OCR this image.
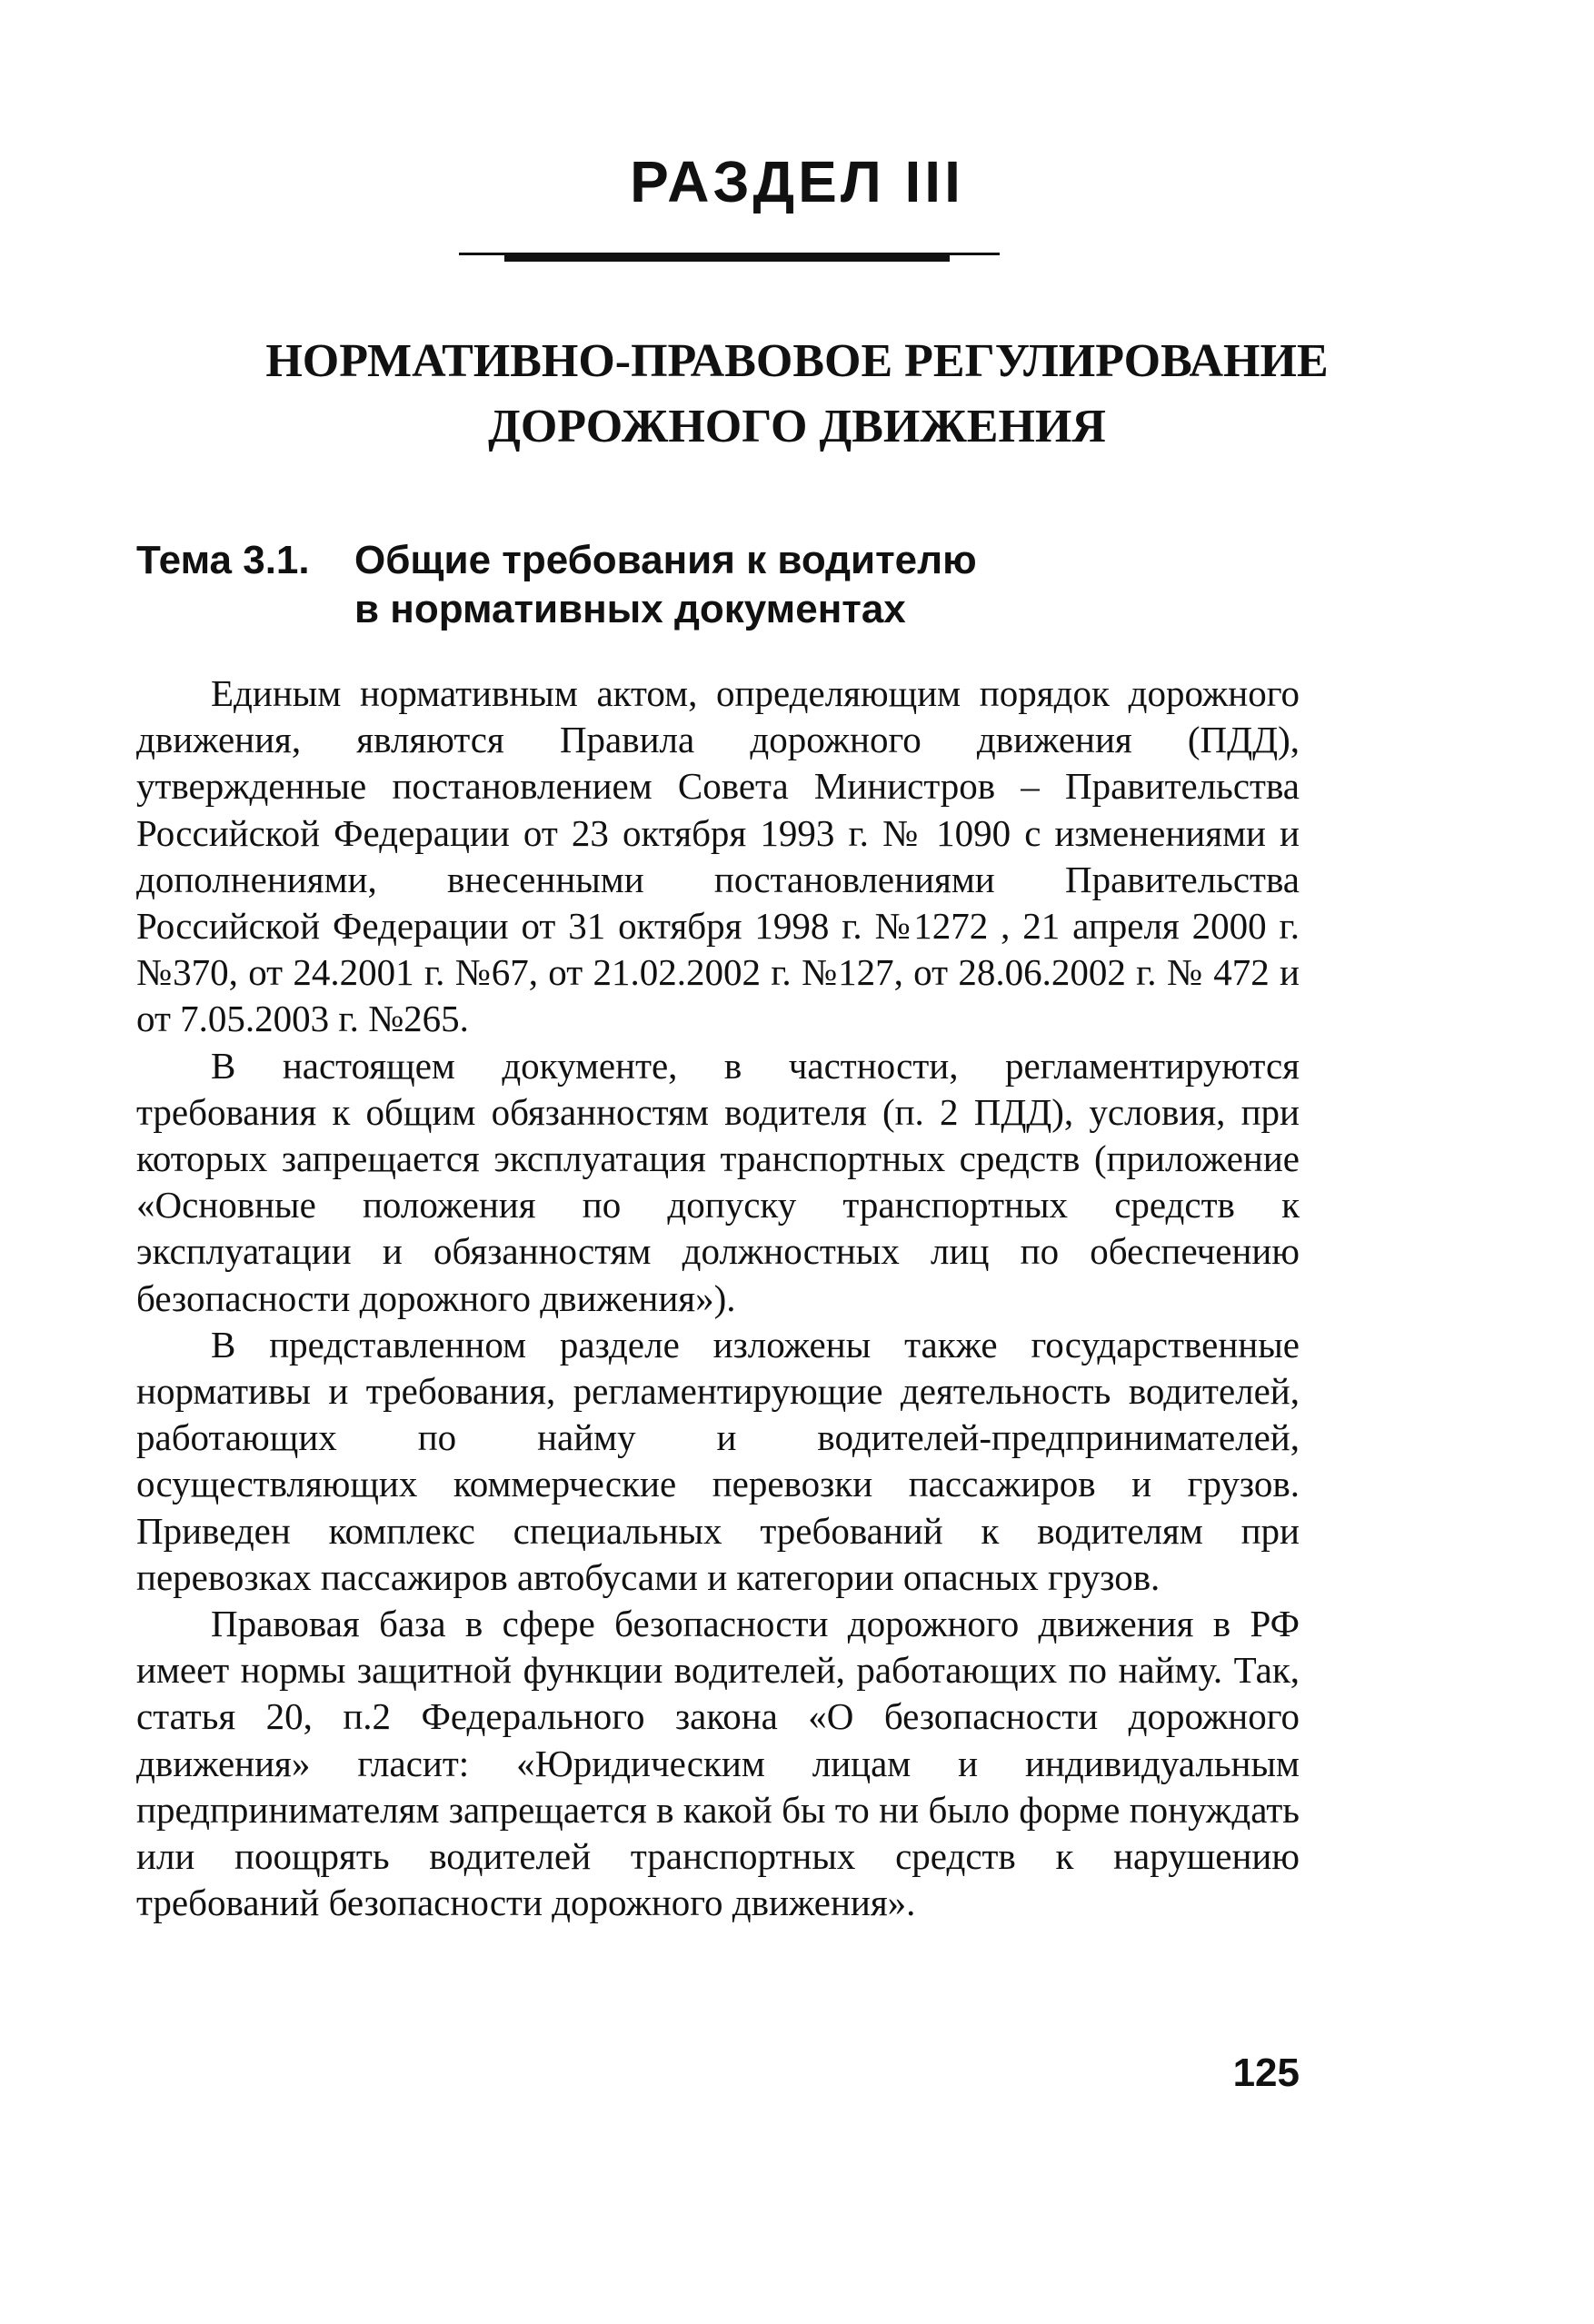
РАЗДЕЛ III
НОРМАТИВНО-ПРАВОВОЕ РЕГУЛИРОВАНИЕ
ДОРОЖНОГО ДВИЖЕНИЯ
Тема 3.1. Общие требования к водителю
в нормативных документах

Единым нормативным актом, определяющим порядок дорожного движения, являются Правила дорожного движения (ПДД), утвержденные постановлением Совета Министров – Правительства Российской Федерации от 23 октября 1993 г. № 1090 с изменениями и дополнениями, внесенными постановлениями Правительства Российской Федерации от 31 октября 1998 г. №1272 , 21 апреля 2000 г. №370, от 24.2001 г. №67, от 21.02.2002 г. №127, от 28.06.2002 г. № 472 и от 7.05.2003 г. №265.

В настоящем документе, в частности, регламентируются требования к общим обязанностям водителя (п. 2 ПДД), условия, при которых запрещается эксплуатация транспортных средств (приложение «Основные положения по допуску транспортных средств к эксплуатации и обязанностям должностных лиц по обеспечению безопасности дорожного движения»).

В представленном разделе изложены также государственные нормативы и требования, регламентирующие деятельность водителей, работающих по найму и водителей-предпринимателей, осуществляющих коммерческие перевозки пассажиров и грузов. Приведен комплекс специальных требований к водителям при перевозках пассажиров автобусами и категории опасных грузов.

Правовая база в сфере безопасности дорожного движения в РФ имеет нормы защитной функции водителей, работающих по найму. Так, статья 20, п.2 Федерального закона «О безопасности дорожного движения» гласит: «Юридическим лицам и индивидуальным предпринимателям запрещается в какой бы то ни было форме понуждать или поощрять водителей транспортных средств к нарушению требований безопасности дорожного движения».

125
